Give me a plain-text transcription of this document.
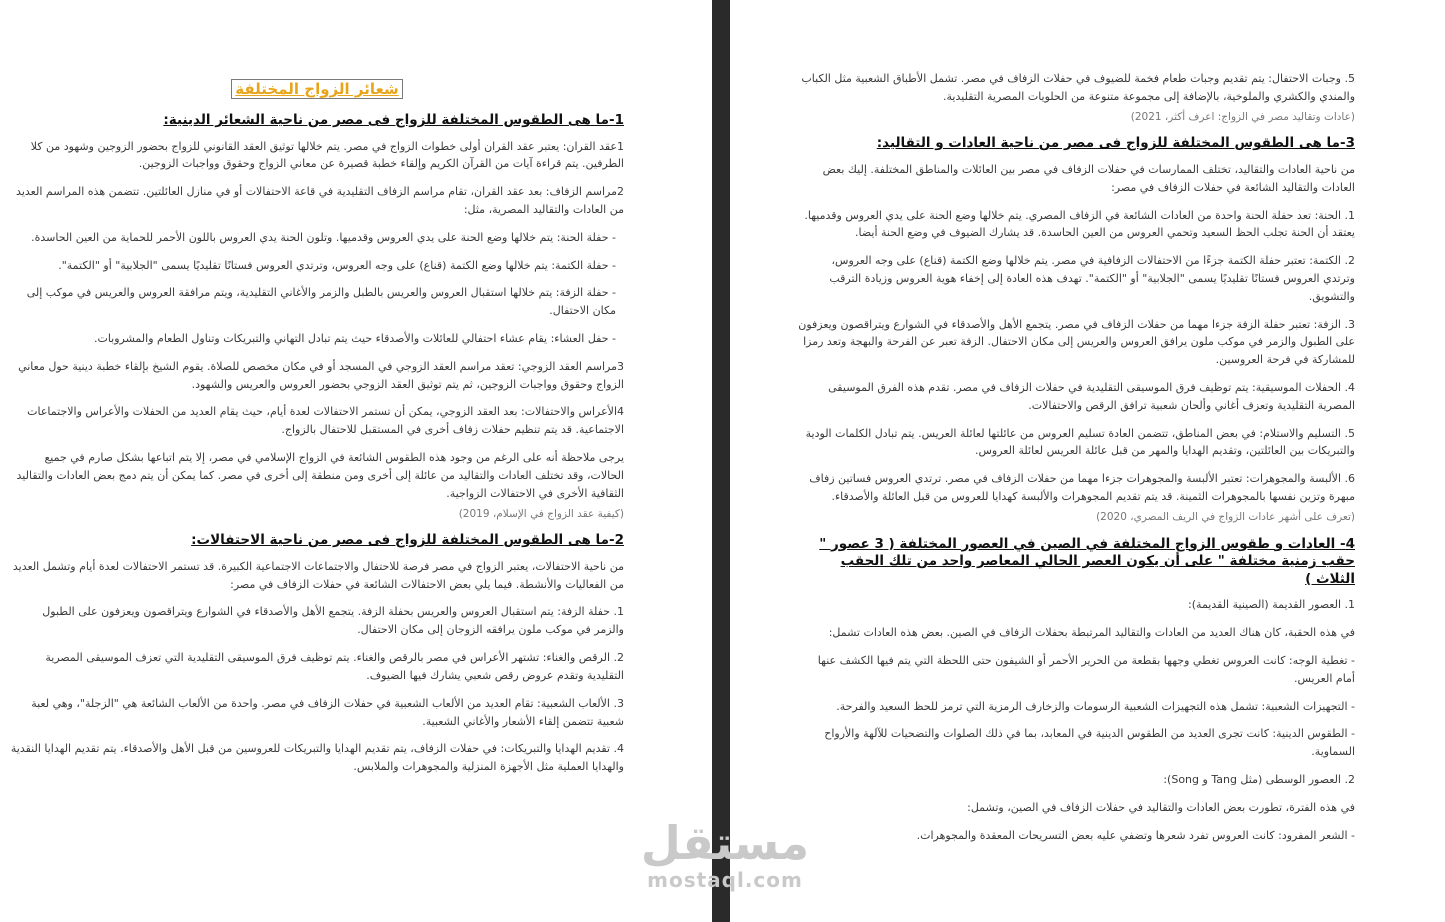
شعائر الزواج المختلفة
1-ما هى الطقوس المختلفة للزواج فى مصر من ناحية الشعائر الدينية:

1عقد القران: يعتبر عقد القران أولى خطوات الزواج في مصر. يتم خلالها توثيق العقد القانوني للزواج بحضور الزوجين وشهود من كلا الطرفين. يتم قراءة آيات من القرآن الكريم وإلقاء خطبة قصيرة عن معاني الزواج وحقوق وواجبات الزوجين.

2مراسم الزفاف: بعد عقد القران، تقام مراسم الزفاف التقليدية في قاعة الاحتفالات أو في منازل العائلتين. تتضمن هذه المراسم العديد من العادات والتقاليد المصرية، مثل:

- حفلة الحنة: يتم خلالها وضع الحنة على يدي العروس وقدميها. وتلون الحنة يدي العروس باللون الأحمر للحماية من العين الحاسدة.

- حفلة الكتمة: يتم خلالها وضع الكتمة (قناع) على وجه العروس، وترتدي العروس فستانًا تقليديًا يسمى "الجلابية" أو "الكتمة".

- حفلة الزفة: يتم خلالها استقبال العروس والعريس بالطبل والزمر والأغاني التقليدية، ويتم مرافقة العروس والعريس في موكب إلى مكان الاحتفال.

- حفل العشاء: يقام عشاء احتفالي للعائلات والأصدقاء حيث يتم تبادل التهاني والتبريكات وتناول الطعام والمشروبات.

3مراسم العقد الزوجي: تعقد مراسم العقد الزوجي في المسجد أو في مكان مخصص للصلاة. يقوم الشيخ بإلقاء خطبة دينية حول معاني الزواج وحقوق وواجبات الزوجين، ثم يتم توثيق العقد الزوجي بحضور العروس والعريس والشهود.

4الأعراس والاحتفالات: بعد العقد الزوجي، يمكن أن تستمر الاحتفالات لعدة أيام، حيث يقام العديد من الحفلات والأعراس والاجتماعات الاجتماعية. قد يتم تنظيم حفلات زفاف أخرى في المستقبل للاحتفال بالزواج.

يرجى ملاحظة أنه على الرغم من وجود هذه الطقوس الشائعة في الزواج الإسلامي في مصر، إلا يتم اتباعها بشكل صارم في جميع الحالات، وقد تختلف العادات والتقاليد من عائلة إلى أخرى ومن منطقة إلى أخرى في مصر. كما يمكن أن يتم دمج بعض العادات والتقاليد الثقافية الأخرى في الاحتفالات الزواجية.

(كيفية عقد الزواج في الإسلام، 2019)

2-ما هى الطقوس المختلفة للزواج فى مصر من ناحية الاحتفالات:

من ناحية الاحتفالات، يعتبر الزواج في مصر فرصة للاحتفال والاجتماعات الاجتماعية الكبيرة. قد تستمر الاحتفالات لعدة أيام وتشمل العديد من الفعاليات والأنشطة. فيما يلي بعض الاحتفالات الشائعة في حفلات الزفاف في مصر:

1. حفلة الزفة: يتم استقبال العروس والعريس بحفلة الزفة. يتجمع الأهل والأصدقاء في الشوارع ويتراقصون ويعزفون على الطبول والزمر في موكب ملون يرافقه الزوجان إلى مكان الاحتفال.

2. الرقص والغناء: تشتهر الأعراس في مصر بالرقص والغناء. يتم توظيف فرق الموسيقى التقليدية التي تعزف الموسيقى المصرية التقليدية وتقدم عروض رقص شعبي يشارك فيها الضيوف.

3. الألعاب الشعبية: تقام العديد من الألعاب الشعبية في حفلات الزفاف في مصر. واحدة من الألعاب الشائعة هي "الزجلة"، وهي لعبة شعبية تتضمن إلقاء الأشعار والأغاني الشعبية.

4. تقديم الهدايا والتبريكات: في حفلات الزفاف، يتم تقديم الهدايا والتبريكات للعروسين من قبل الأهل والأصدقاء. يتم تقديم الهدايا النقدية والهدايا العملية مثل الأجهزة المنزلية والمجوهرات والملابس.

5. وجبات الاحتفال: يتم تقديم وجبات طعام فخمة للضيوف في حفلات الزفاف في مصر. تشمل الأطباق الشعبية مثل الكباب والمندي والكشري والملوخية، بالإضافة إلى مجموعة متنوعة من الحلويات المصرية التقليدية.

(عادات وتقاليد مصر في الزواج: اعرف أكثر، 2021)

3-ما هى الطقوس المختلفة للزواج فى مصر من ناحية العادات و التقاليد:

من ناحية العادات والتقاليد، تختلف الممارسات في حفلات الزفاف في مصر بين العائلات والمناطق المختلفة. إليك بعض العادات والتقاليد الشائعة في حفلات الزفاف في مصر:

1. الحنة: تعد حفلة الحنة واحدة من العادات الشائعة في الزفاف المصري. يتم خلالها وضع الحنة على يدي العروس وقدميها. يعتقد أن الحنة تجلب الحظ السعيد وتحمي العروس من العين الحاسدة. قد يشارك الضيوف في وضع الحنة أيضا.

2. الكتمة: تعتبر حفلة الكتمة جزءًا من الاحتفالات الزفافية في مصر. يتم خلالها وضع الكتمة (قناع) على وجه العروس، وترتدي العروس فستانًا تقليديًا يسمى "الجلابية" أو "الكتمة". تهدف هذه العادة إلى إخفاء هوية العروس وزيادة الترقب والتشويق.

3. الزفة: تعتبر حفلة الزفة جزءا مهما من حفلات الزفاف في مصر. يتجمع الأهل والأصدقاء في الشوارع ويتراقصون ويعزفون على الطبول والزمر في موكب ملون يرافق العروس والعريس إلى مكان الاحتفال. الزفة تعبر عن الفرحة والبهجة وتعد رمزا للمشاركة في فرحة العروسين.

4. الحفلات الموسيقية: يتم توظيف فرق الموسيقى التقليدية في حفلات الزفاف في مصر. تقدم هذه الفرق الموسيقى المصرية التقليدية وتعزف أغاني وألحان شعبية ترافق الرقص والاحتفالات.

5. التسليم والاستلام: في بعض المناطق، تتضمن العادة تسليم العروس من عائلتها لعائلة العريس. يتم تبادل الكلمات الودية والتبريكات بين العائلتين، وتقديم الهدايا والمهر من قبل عائلة العريس لعائلة العروس.

6. الألبسة والمجوهرات: تعتبر الألبسة والمجوهرات جزءا مهما من حفلات الزفاف في مصر. ترتدي العروس فساتين زفاف مبهرة وتزين نفسها بالمجوهرات الثمينة. قد يتم تقديم المجوهرات والألبسة كهدايا للعروس من قبل العائلة والأصدقاء.

(تعرف على أشهر عادات الزواج في الريف المصري، 2020)

4- العادات و طقوس الزواج المختلفة في الصين في العصور المختلفة ( 3 عصور " حقب زمنية مختلفة " على أن يكون العصر الحالي المعاصر واحد من تلك الحقب الثلاث )

1. العصور القديمة (الصينية القديمة):

في هذه الحقبة، كان هناك العديد من العادات والتقاليد المرتبطة بحفلات الزفاف في الصين. بعض هذه العادات تشمل:

- تغطية الوجه: كانت العروس تغطي وجهها بقطعة من الحرير الأحمر أو الشيفون حتى اللحظة التي يتم فيها الكشف عنها أمام العريس.

- التجهيزات الشعبية: تشمل هذه التجهيزات الشعبية الرسومات والزخارف الرمزية التي ترمز للحظ السعيد والفرحة.

- الطقوس الدينية: كانت تجرى العديد من الطقوس الدينية في المعابد، بما في ذلك الصلوات والتضحيات للآلهة والأرواح السماوية.

2. العصور الوسطى (مثل Tang و Song):

في هذه الفترة، تطورت بعض العادات والتقاليد في حفلات الزفاف في الصين، وتشمل:

- الشعر المفرود: كانت العروس تفرد شعرها وتضفي عليه بعض التسريحات المعقدة والمجوهرات.

مستقل
mostaql.com
